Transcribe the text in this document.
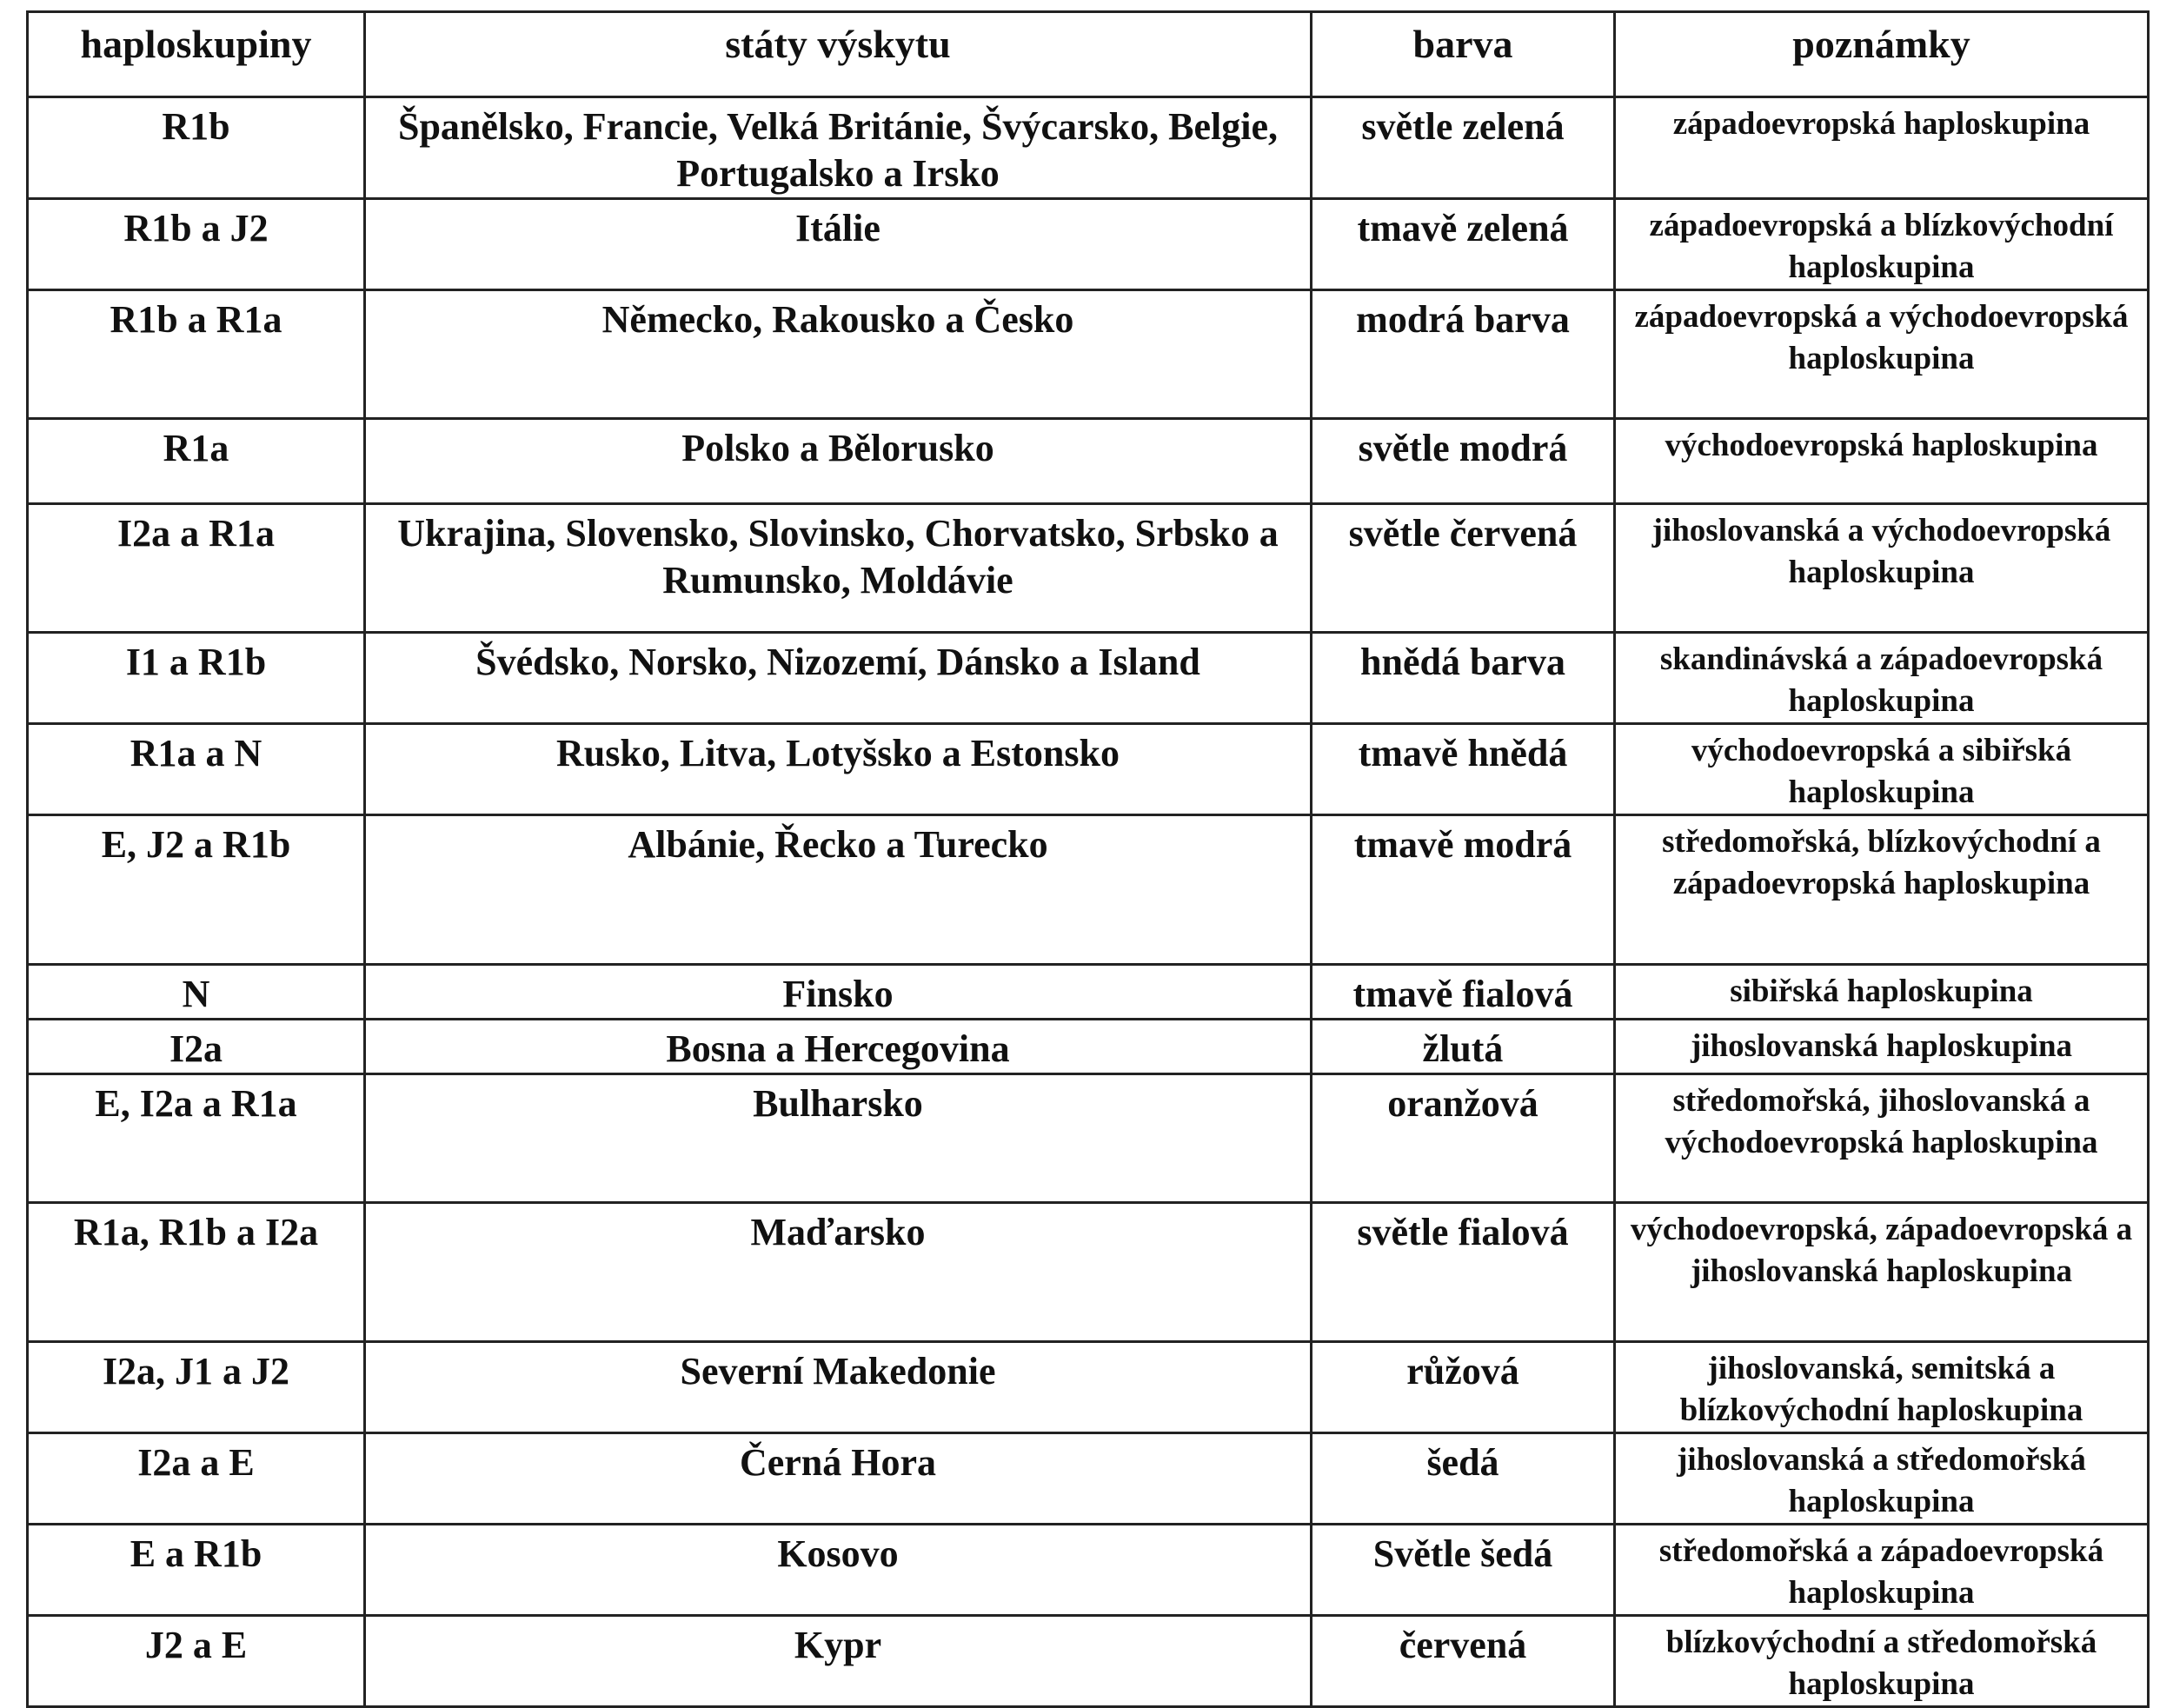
haploskupiny	státy výskytu	barva	poznámky
R1b	Španělsko, Francie, Velká Británie, Švýcarsko, Belgie, Portugalsko a Irsko	světle zelená	západoevropská haploskupina
R1b a J2	Itálie	tmavě zelená	západoevropská a blízkovýchodní haploskupina
R1b a R1a	Německo, Rakousko a Česko	modrá barva	západoevropská a východoevropská haploskupina
R1a	Polsko a Bělorusko	světle modrá	východoevropská haploskupina
I2a a R1a	Ukrajina, Slovensko, Slovinsko, Chorvatsko, Srbsko a Rumunsko, Moldávie	světle červená	jihoslovanská a východoevropská haploskupina
I1 a R1b	Švédsko, Norsko, Nizozemí, Dánsko a Island	hnědá barva	skandinávská a západoevropská haploskupina
R1a a N	Rusko, Litva, Lotyšsko a Estonsko	tmavě hnědá	východoevropská a sibiřská haploskupina
E, J2 a R1b	Albánie, Řecko a Turecko	tmavě modrá	středomořská, blízkovýchodní a západoevropská haploskupina
N	Finsko	tmavě fialová	sibiřská haploskupina
I2a	Bosna a Hercegovina	žlutá	jihoslovanská haploskupina
E, I2a a R1a	Bulharsko	oranžová	středomořská, jihoslovanská a východoevropská haploskupina
R1a, R1b a I2a	Maďarsko	světle fialová	východoevropská, západoevropská a jihoslovanská haploskupina
I2a, J1 a J2	Severní Makedonie	růžová	jihoslovanská, semitská a blízkovýchodní haploskupina
I2a a E	Černá Hora	šedá	jihoslovanská a středomořská haploskupina
E a R1b	Kosovo	Světle šedá	středomořská a západoevropská haploskupina
J2 a E	Kypr	červená	blízkovýchodní a středomořská haploskupina
